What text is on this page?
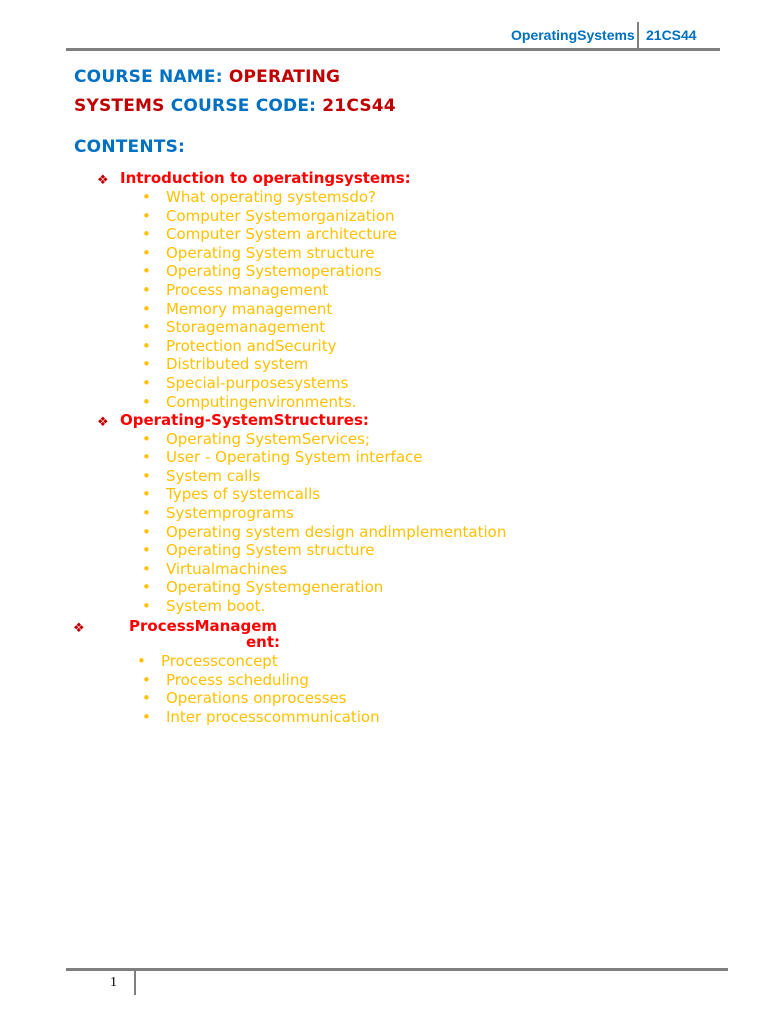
OperatingSystems 21CS44
COURSE NAME: OPERATING
SYSTEMS COURSE CODE: 21CS44
CONTENTS:
❖ Introduction to operatingsystems:
• What operating systemsdo?
• Computer Systemorganization
• Computer System architecture
• Operating System structure
• Operating Systemoperations
• Process management
• Memory management
• Storagemanagement
• Protection andSecurity
• Distributed system
• Special-purposesystems
• Computingenvironments.
❖ Operating-SystemStructures:
• Operating SystemServices;
• User - Operating System interface
• System calls
• Types of systemcalls
• Systemprograms
• Operating system design andimplementation
• Operating System structure
• Virtualmachines
• Operating Systemgeneration
• System boot.
❖	ProcessManagem
ent:
• Processconcept
• Process scheduling
• Operations onprocesses
• Inter processcommunication
1
